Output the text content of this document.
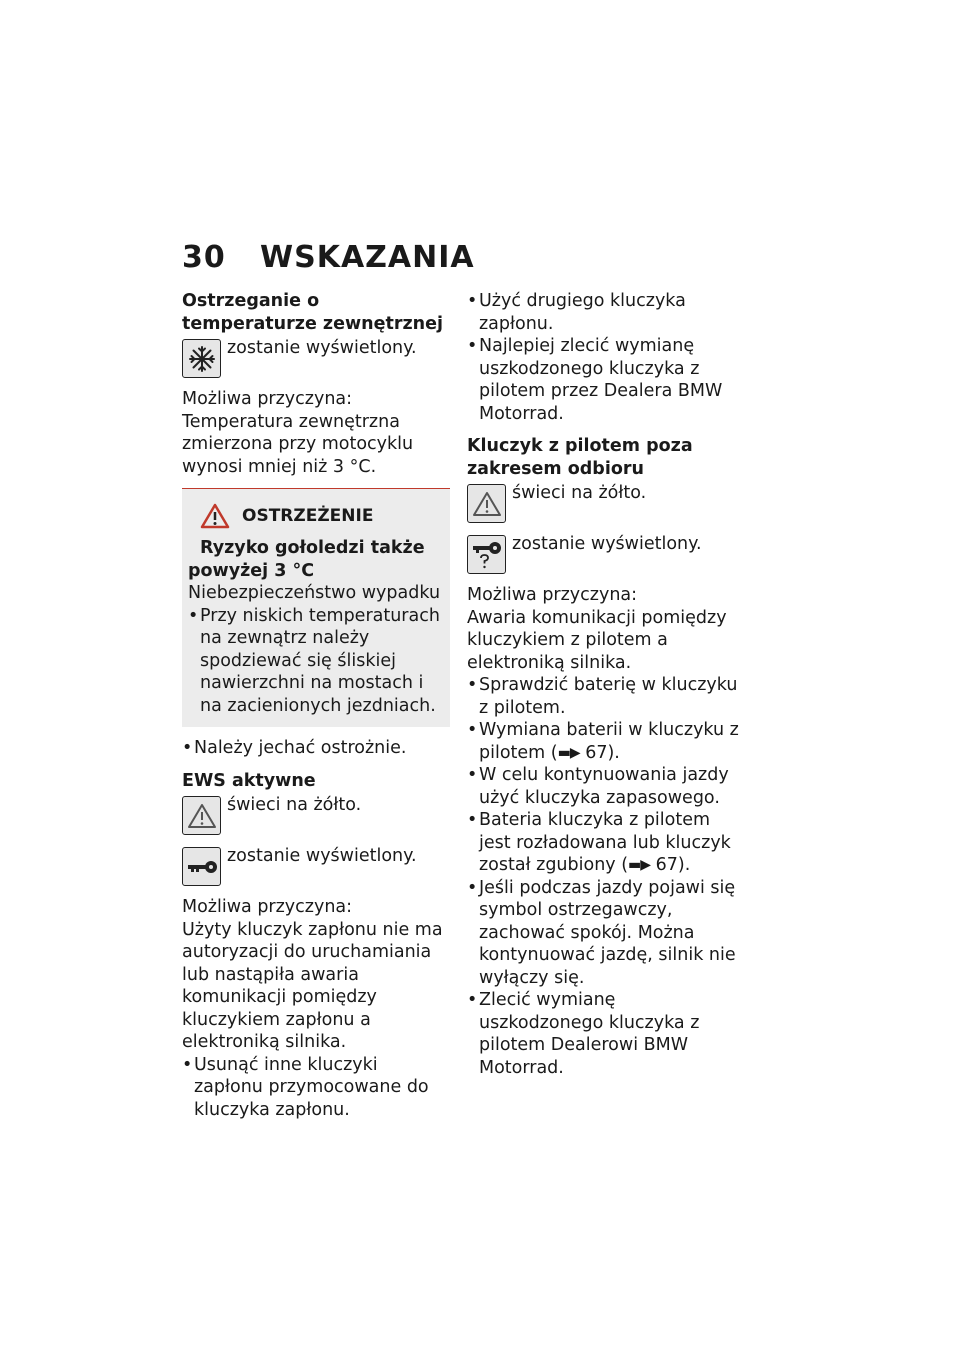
30 WSKAZANIA

Ostrzeganie o temperaturze zewnętrznej

zostanie wyświetlony.

Możliwa przyczyna:

Temperatura zewnętrzna zmierzona przy motocyklu wynosi mniej niż 3 °C.

OSTRZEŻENIE

Ryzyko gołoledzi także powyżej 3 °C

Niebezpieczeństwo wypadku

• Przy niskich temperaturach na zewnątrz należy spodziewać się śliskiej nawierzchni na mostach i na zacienionych jezdniach.
• Należy jechać ostrożnie.

EWS aktywne

świeci na żółto.
zostanie wyświetlony.

Możliwa przyczyna:

Użyty kluczyk zapłonu nie ma autoryzacji do uruchamiania lub nastąpiła awaria komunikacji pomiędzy kluczykiem zapłonu a elektroniką silnika.

• Usunąć inne kluczyki zapłonu przymocowane do kluczyka zapłonu.
• Użyć drugiego kluczyka zapłonu.
• Najlepiej zlecić wymianę uszkodzonego kluczyka z pilotem przez Dealera BMW Motorrad.

Kluczyk z pilotem poza zakresem odbioru

świeci na żółto.
zostanie wyświetlony.

Możliwa przyczyna:

Awaria komunikacji pomiędzy kluczykiem z pilotem a elektroniką silnika.

• Sprawdzić baterię w kluczyku z pilotem.
• Wymiana baterii w kluczyku z pilotem (▬▶ 67).
• W celu kontynuowania jazdy użyć kluczyka zapasowego.
• Bateria kluczyka z pilotem jest rozładowana lub kluczyk został zgubiony (▬▶ 67).
• Jeśli podczas jazdy pojawi się symbol ostrzegawczy, zachować spokój. Można kontynuować jazdę, silnik nie wyłączy się.
• Zlecić wymianę uszkodzonego kluczyka z pilotem Dealerowi BMW Motorrad.
